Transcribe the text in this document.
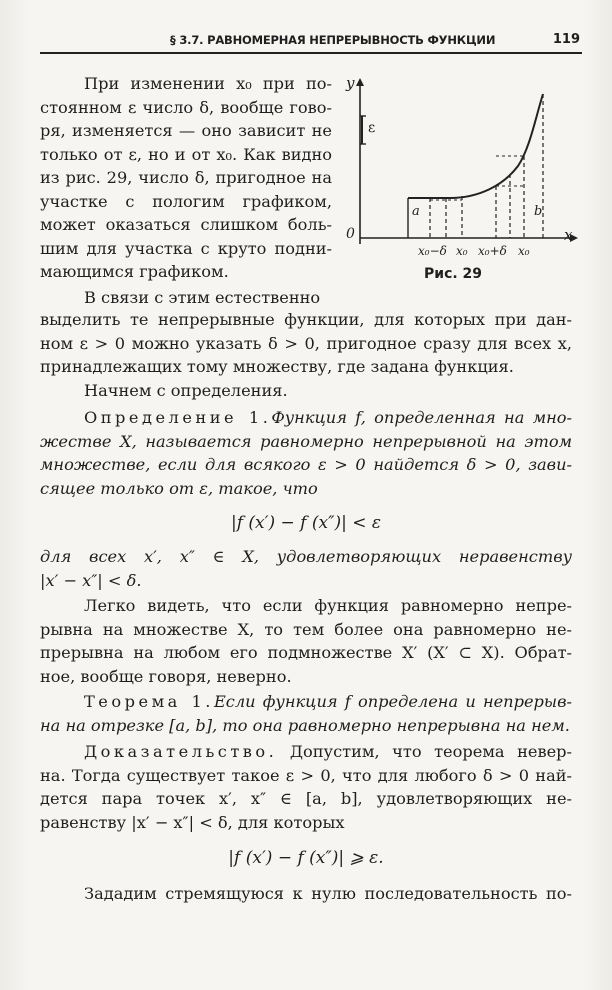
§ 3.7. РАВНОМЕРНАЯ НЕПРЕРЫВНОСТЬ ФУНКЦИИ	119
y
x
0
ε
a	b
x₀−δ x₀ x₀+δ x₀
Рис. 29
При изменении x₀ при по-
стоянном ε число δ, вообще гово-
ря, изменяется — оно зависит не
только от ε, но и от x₀. Как видно
из рис. 29, число δ, пригодное на
участке с пологим графиком,
может оказаться слишком боль-
шим для участка с круто подни-
мающимся графиком.
В связи с этим естественно
выделить те непрерывные функции, для которых при дан-
ном ε > 0 можно указать δ > 0, пригодное сразу для всех x,
принадлежащих тому множеству, где задана функция.
Начнем с определения.
Определение 1.Функция f, определенная на мно-
жестве X, называется равномерно непрерывной на этом
множестве, если для всякого ε > 0 найдется δ > 0, зави-
сящее только от ε, такое, что
|f (x′) − f (x″)| < ε
для всех x′, x″ ∈ X, удовлетворяющих неравенству
|x′ − x″| < δ.
Легко видеть, что если функция равномерно непре-
рывна на множестве X, то тем более она равномерно не-
прерывна на любом его подмножестве X′ (X′ ⊂ X). Обрат-
ное, вообще говоря, неверно.
Теорема 1.Если функция f определена и непрерыв-
на на отрезке [a, b], то она равномерно непрерывна на нем.
Доказательство. Допустим, что теорема невер-
на. Тогда существует такое ε > 0, что для любого δ > 0 най-
дется пара точек x′, x″ ∈ [a, b], удовлетворяющих не-
равенству |x′ − x″| < δ, для которых
|f (x′) − f (x″)| ⩾ ε.
Зададим стремящуюся к нулю последовательность по-
